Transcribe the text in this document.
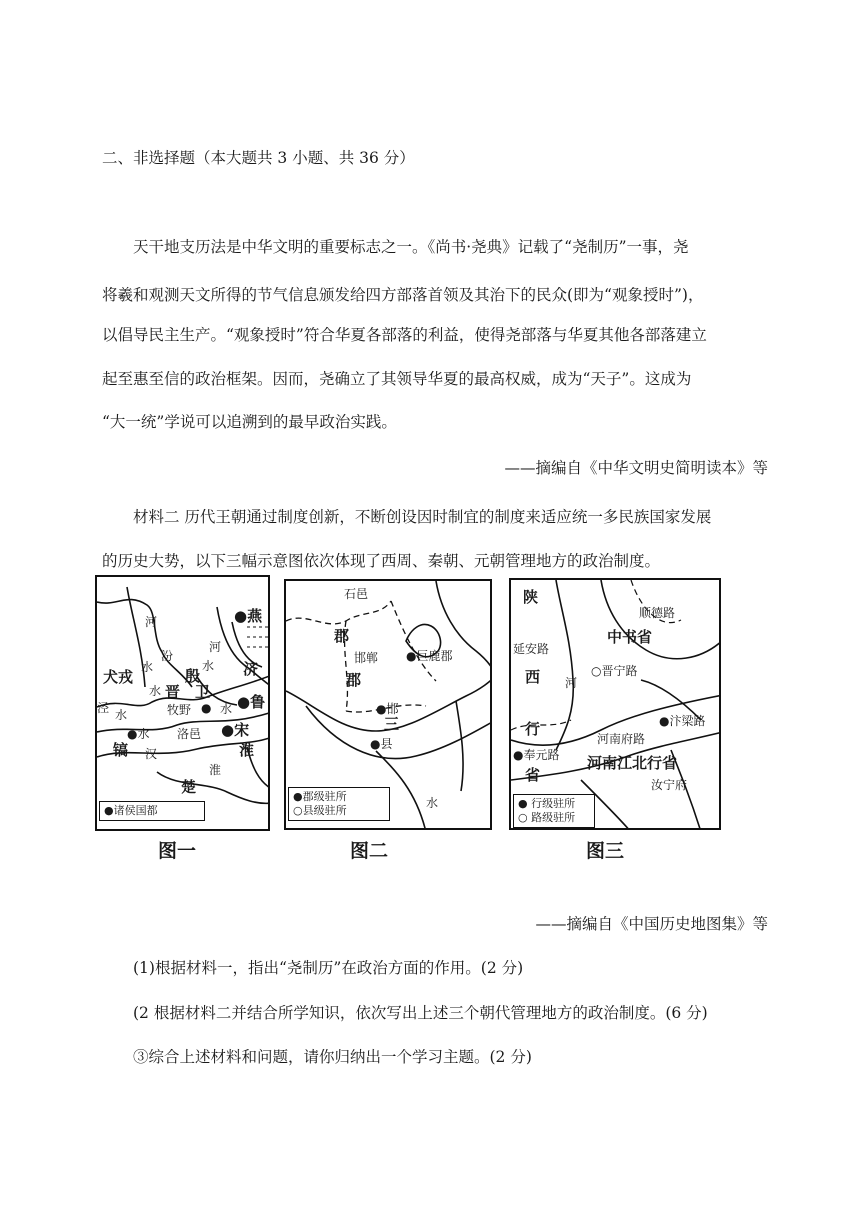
二、非选择题（本大题共 3 小题、共 36 分）
天干地支历法是中华文明的重要标志之一。《尚书·尧典》记载了“尧制历”一事，尧
将羲和观测天文所得的节气信息颁发给四方部落首领及其治下的民众(即为“观象授时”)，
以倡导民主生产。“观象授时”符合华夏各部落的利益，使得尧部落与华夏其他各部落建立
起至惠至信的政治框架。因而，尧确立了其领导华夏的最高权威，成为“天子”。这成为
“大一统”学说可以追溯到的最早政治实践。
——摘编自《中华文明史简明读本》等
材料二 历代王朝通过制度创新，不断创设因时制宜的制度来适应统一多民族国家发展
的历史大势，以下三幅示意图依次体现了西周、秦朝、元朝管理地方的政治制度。
●燕
河
河
犬戎
水
汾
水
殷	济
晋 卫
水
牧野 ● ●鲁
泾 水	水
●水	●宋
洛邑
镐 汉	淮
淮
楚
●诸侯国都
图一
石邑
郡
邯郸 ●巨鹿郡
郡
●邯
三
●县
水
●郡级驻所
○县级驻所
图二
陕
延安路
西
行
河
●奉元路
省
顺德路
中书省
○晋宁路
●汴梁路
河南府路
河南江北行省
汝宁府
● 行级驻所
○ 路级驻所
图三
——摘编自《中国历史地图集》等
(1)根据材料一，指出“尧制历”在政治方面的作用。(2 分)
(2 根据材料二并结合所学知识，依次写出上述三个朝代管理地方的政治制度。(6 分)
③综合上述材料和问题，请你归纳出一个学习主题。(2 分)
